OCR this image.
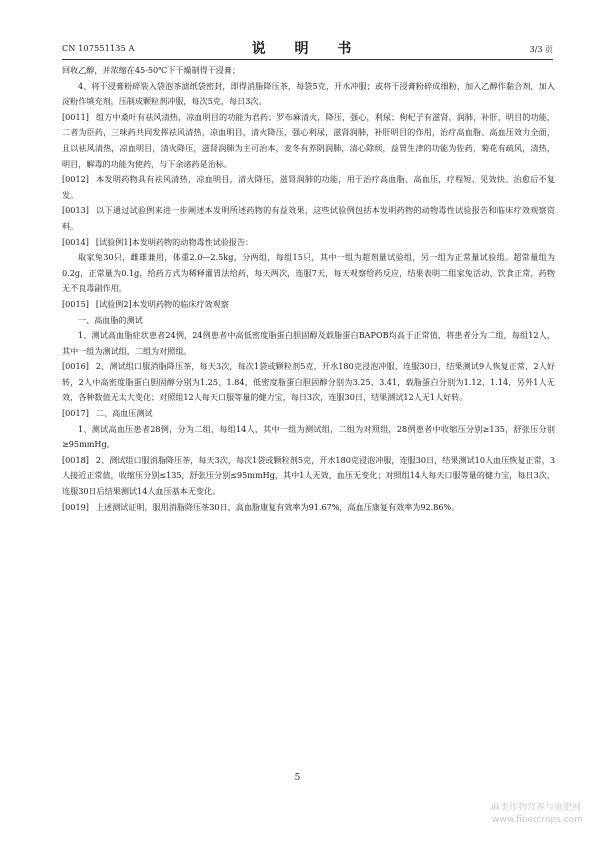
CN 107551135 A	说 明 书	3/3 页

回收乙醇，并浓缩在45-50℃下干燥制得干浸膏；

4、将干浸膏粉碎装入袋泡茶滤纸袋密封，即得消脂降压茶，每袋5克，开水冲服；或将干浸膏粉碎成细粉，加入乙醇作黏合剂，加入淀粉作填充剂，压制成颗粒剂冲服，每次5克，每日3次。

[0011] 组方中桑叶有祛风清热，凉血明目的功能为君药；罗布麻清火，降压，强心，利尿；枸杞子有滋肾，润肺，补肝，明目的功能，二者为臣药，三味药共同发挥祛风清热，凉血明目，清火降压，强心利尿，滋肾润肺，补肝明目的作用，治疗高血脂、高血压效力全面，且以祛风清热，凉血明目，清火降压，滋肾润肺为主可治本，麦冬有养阴润肺，清心除烦，益胃生津的功能为佐药，菊花有疏风，清热，明目，解毒的功能为使药，与下余诸药是治标。

[0012] 本发明药物具有祛风清热，凉血明目，清火降压，滋肾润肺的功能，用于治疗高血脂、高血压，疗程短、见效快、治愈后不复发。

[0013] 以下通过试验例来进一步阐述本发明所述药物的有益效果，这些试验例包括本发明药物的动物毒性试验报告和临床疗效观察资料。

[0014] [试验例1]本发明药物的动物毒性试验报告：

取家兔30只，雌雄兼用，体重2.0—2.5kg，分两组，每组15只，其中一组为超剂量试验组，另一组为正常量试验组。超常量组为0.2g，正常量为0.1g，给药方式为稀释灌胃法给药，每天两次，连服7天，每天观察给药反应，结果表明二组家兔活动、饮食正常，药物无不良毒副作用。

[0015] [试验例2]本发明药物的临床疗效观察

一、高血脂的测试

1、测试高血脂症状患者24例，24例患者中高低密度脂蛋白胆固醇及载脂蛋白BAPOB均高于正常值，将患者分为二组，每组12人，其中一组为测试组，二组为对照组。

[0016] 2、测试组口服消脂降压茶，每天3次，每次1袋或颗粒剂5克，开水180克浸泡冲服，连服30日，结果测试9人恢复正常，2人好转，2人中高密度脂蛋白胆固醇分别为1.25、1.84，低密度脂蛋白胆固醇分别为3.25、3.41，载脂蛋白分别为1.12、1.14，另外1人无效，各种数值无太大变化；对照组12人每天口服等量的健力宝，每日3次，连服30日，结果测试12人无1人好转。

[0017] 二、高血压测试

1、测试高血压患者28例，分为二组，每组14人，其中一组为测试组，二组为对照组，28例患者中收缩压分别≥135，舒张压分别≥95mmHg。

[0018] 2、测试组口服消脂降压茶，每天3次，每次1袋或颗粒剂5克，开水180克浸泡冲服，连服30日，结果测试10人血压恢复正常，3人接近正常值，收缩压分别≤135，舒张压分别≤95mmHg，其中1人无效，血压无变化；对照组14人每天口服等量的健力宝，每日3次，连服30日后结果测试14人血压基本无变化。

[0019] 上述测试证明，服用消脂降压茶30日，高血脂康复有效率为91.67%，高血压康复有效率为92.86%。

5
麻类作物营养与施肥网
www.fibercrops.com
